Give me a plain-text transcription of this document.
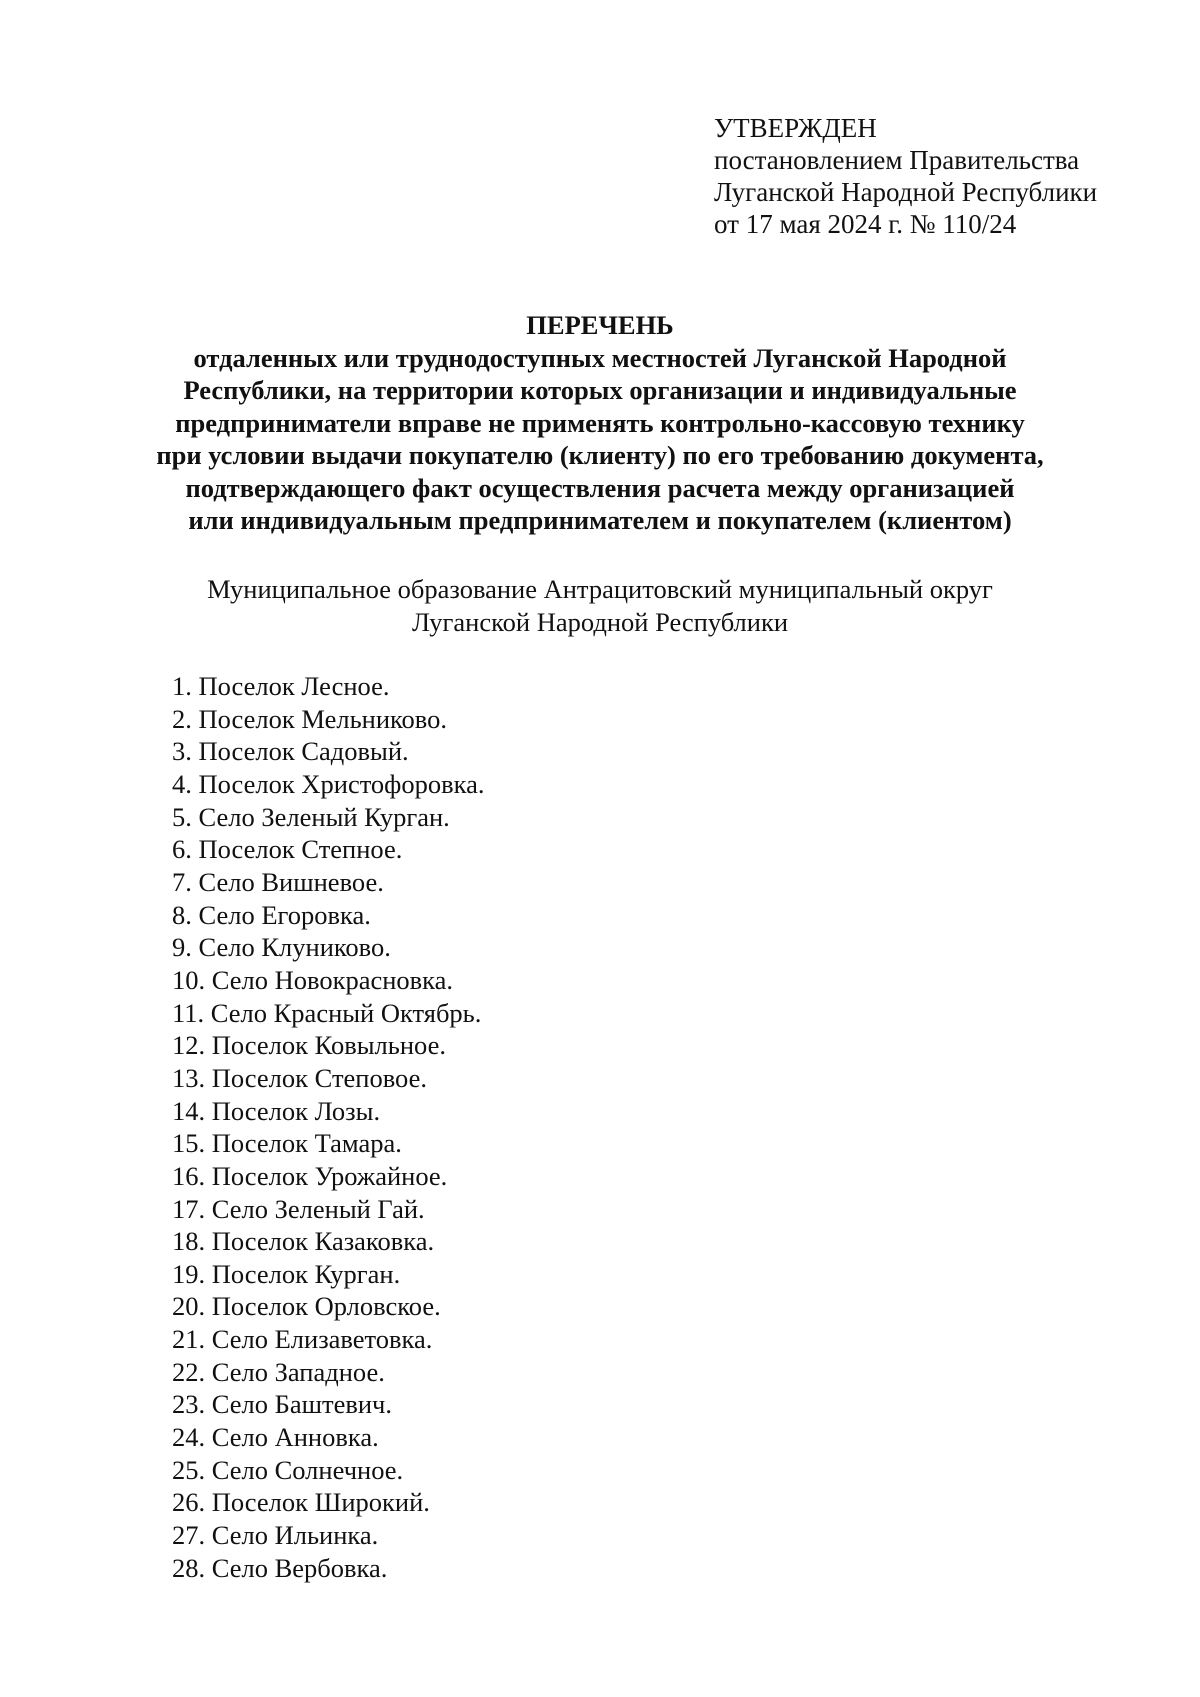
УТВЕРЖДЕН
постановлением Правительства
Луганской Народной Республики
от 17 мая 2024 г. № 110/24
ПЕРЕЧЕНЬ
отдаленных или труднодоступных местностей Луганской Народной
Республики, на территории которых организации и индивидуальные
предприниматели вправе не применять контрольно-кассовую технику
при условии выдачи покупателю (клиенту) по его требованию документа,
подтверждающего факт осуществления расчета между организацией
или индивидуальным предпринимателем и покупателем (клиентом)
Муниципальное образование Антрацитовский муниципальный округ
Луганской Народной Республики
1. Поселок Лесное.
2. Поселок Мельниково.
3. Поселок Садовый.
4. Поселок Христофоровка.
5. Село Зеленый Курган.
6. Поселок Степное.
7. Село Вишневое.
8. Село Егоровка.
9. Село Клуниково.
10. Село Новокрасновка.
11. Село Красный Октябрь.
12. Поселок Ковыльное.
13. Поселок Степовое.
14. Поселок Лозы.
15. Поселок Тамара.
16. Поселок Урожайное.
17. Село Зеленый Гай.
18. Поселок Казаковка.
19. Поселок Курган.
20. Поселок Орловское.
21. Село Елизаветовка.
22. Село Западное.
23. Село Баштевич.
24. Село Анновка.
25. Село Солнечное.
26. Поселок Широкий.
27. Село Ильинка.
28. Село Вербовка.
